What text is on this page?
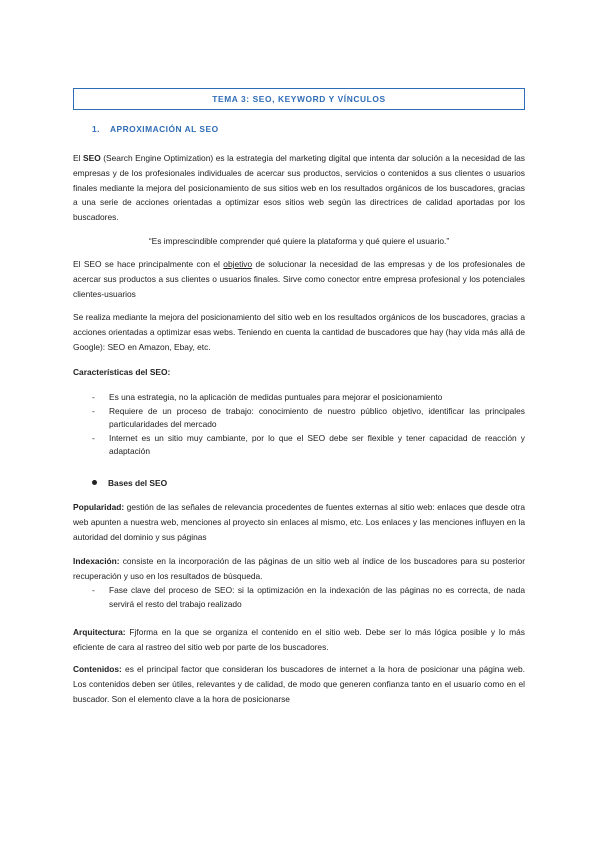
TEMA 3: SEO, KEYWORD Y VÍNCULOS
1. APROXIMACIÓN AL SEO
El SEO (Search Engine Optimization) es la estrategia del marketing digital que intenta dar solución a la necesidad de las empresas y de los profesionales individuales de acercar sus productos, servicios o contenidos a sus clientes o usuarios finales mediante la mejora del posicionamiento de sus sitios web en los resultados orgánicos de los buscadores, gracias a una serie de acciones orientadas a optimizar esos sitios web según las directrices de calidad aportadas por los buscadores.
“Es imprescindible comprender qué quiere la plataforma y qué quiere el usuario.”
El SEO se hace principalmente con el objetivo de solucionar la necesidad de las empresas y de los profesionales de acercar sus productos a sus clientes o usuarios finales. Sirve como conector entre empresa profesional y los potenciales clientes-usuarios
Se realiza mediante la mejora del posicionamiento del sitio web en los resultados orgánicos de los buscadores, gracias a acciones orientadas a optimizar esas webs. Teniendo en cuenta la cantidad de buscadores que hay (hay vida más allá de Google): SEO en Amazon, Ebay, etc.
Características del SEO:
- Es una estrategia, no la aplicación de medidas puntuales para mejorar el posicionamiento
- Requiere de un proceso de trabajo: conocimiento de nuestro público objetivo, identificar las principales particularidades del mercado
- Internet es un sitio muy cambiante, por lo que el SEO debe ser flexible y tener capacidad de reacción y adaptación
Bases del SEO
Popularidad: gestión de las señales de relevancia procedentes de fuentes externas al sitio web: enlaces que desde otra web apunten a nuestra web, menciones al proyecto sin enlaces al mismo, etc. Los enlaces y las menciones influyen en la autoridad del dominio y sus páginas
Indexación: consiste en la incorporación de las páginas de un sitio web al índice de los buscadores para su posterior recuperación y uso en los resultados de búsqueda.
- Fase clave del proceso de SEO: si la optimización en la indexación de las páginas no es correcta, de nada servirá el resto del trabajo realizado
Arquitectura: Fjforma en la que se organiza el contenido en el sitio web. Debe ser lo más lógica posible y lo más eficiente de cara al rastreo del sitio web por parte de los buscadores.
Contenidos: es el principal factor que consideran los buscadores de internet a la hora de posicionar una página web. Los contenidos deben ser útiles, relevantes y de calidad, de modo que generen confianza tanto en el usuario como en el buscador. Son el elemento clave a la hora de posicionarse
